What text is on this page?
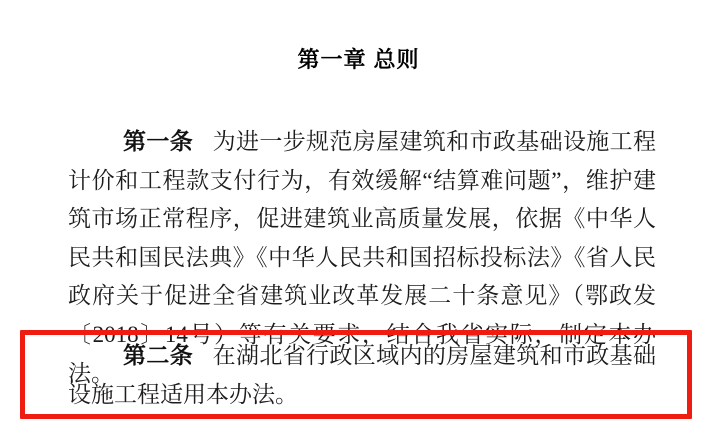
第一章 总则

第一条 为进一步规范房屋建筑和市政基础设施工程计价和工程款支付行为，有效缓解“结算难问题”，维护建筑市场正常程序，促进建筑业高质量发展，依据《中华人民共和国民法典》《中华人民共和国招标投标法》《省人民政府关于促进全省建筑业改革发展二十条意见》（鄂政发〔2018〕14号）等有关要求，结合我省实际，制定本办法。

第二条 在湖北省行政区域内的房屋建筑和市政基础设施工程适用本办法。
